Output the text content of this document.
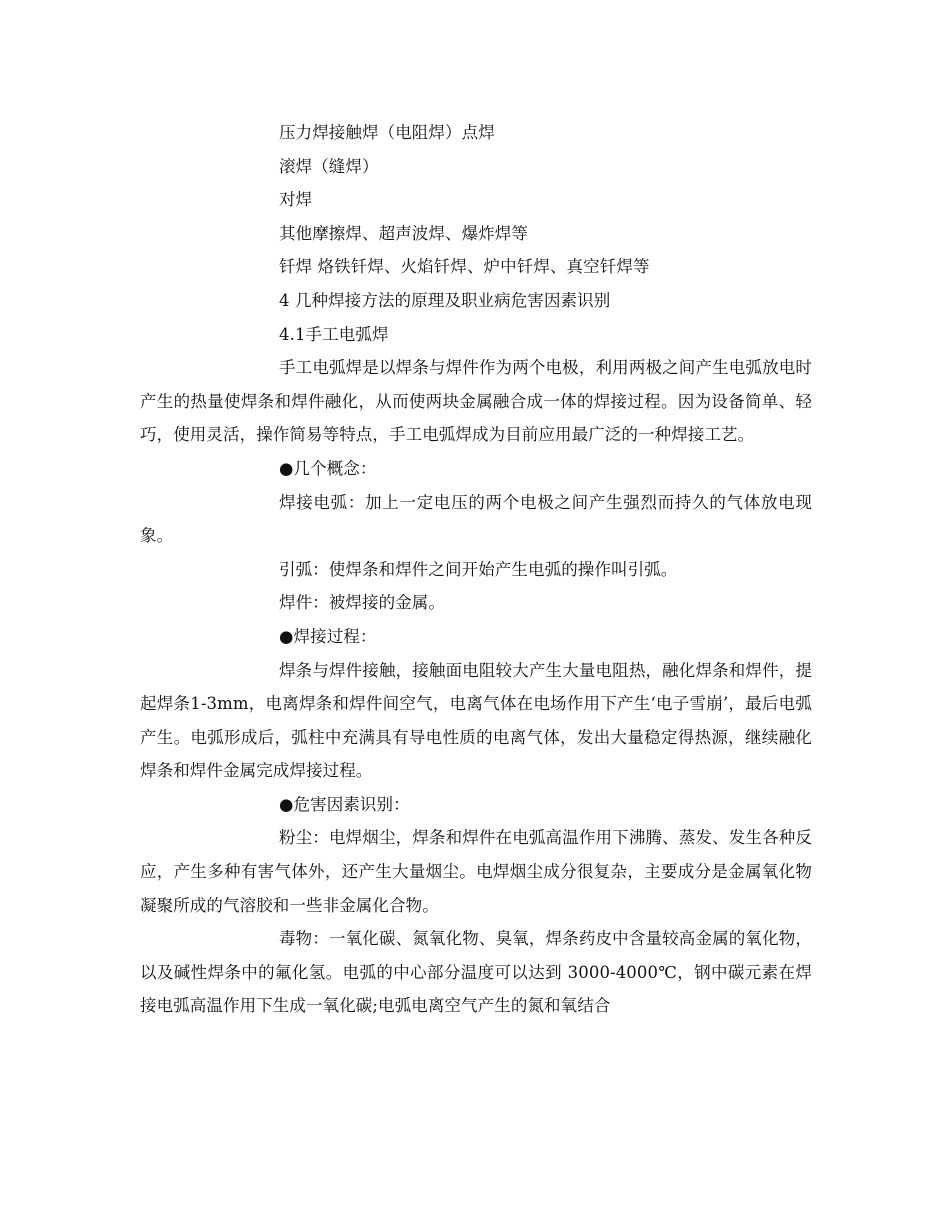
压力焊接触焊（电阻焊）点焊

滚焊（缝焊）

对焊

其他摩擦焊、超声波焊、爆炸焊等

钎焊 烙铁钎焊、火焰钎焊、炉中钎焊、真空钎焊等

4 几种焊接方法的原理及职业病危害因素识别

4.1手工电弧焊

手工电弧焊是以焊条与焊件作为两个电极，利用两极之间产生电弧放电时产生的热量使焊条和焊件融化，从而使两块金属融合成一体的焊接过程。因为设备简单、轻巧，使用灵活，操作简易等特点，手工电弧焊成为目前应用最广泛的一种焊接工艺。

●几个概念：

焊接电弧：加上一定电压的两个电极之间产生强烈而持久的气体放电现象。

引弧：使焊条和焊件之间开始产生电弧的操作叫引弧。

焊件：被焊接的金属。

●焊接过程：

焊条与焊件接触，接触面电阻较大产生大量电阻热，融化焊条和焊件，提起焊条1-3mm，电离焊条和焊件间空气，电离气体在电场作用下产生‘电子雪崩’，最后电弧产生。电弧形成后，弧柱中充满具有导电性质的电离气体，发出大量稳定得热源，继续融化焊条和焊件金属完成焊接过程。

●危害因素识别：

粉尘：电焊烟尘，焊条和焊件在电弧高温作用下沸腾、蒸发、发生各种反应，产生多种有害气体外，还产生大量烟尘。电焊烟尘成分很复杂，主要成分是金属氧化物凝聚所成的气溶胶和一些非金属化合物。

毒物：一氧化碳、氮氧化物、臭氧，焊条药皮中含量较高金属的氧化物，以及碱性焊条中的氟化氢。电弧的中心部分温度可以达到 3000-4000℃，钢中碳元素在焊接电弧高温作用下生成一氧化碳;电弧电离空气产生的氮和氧结合
